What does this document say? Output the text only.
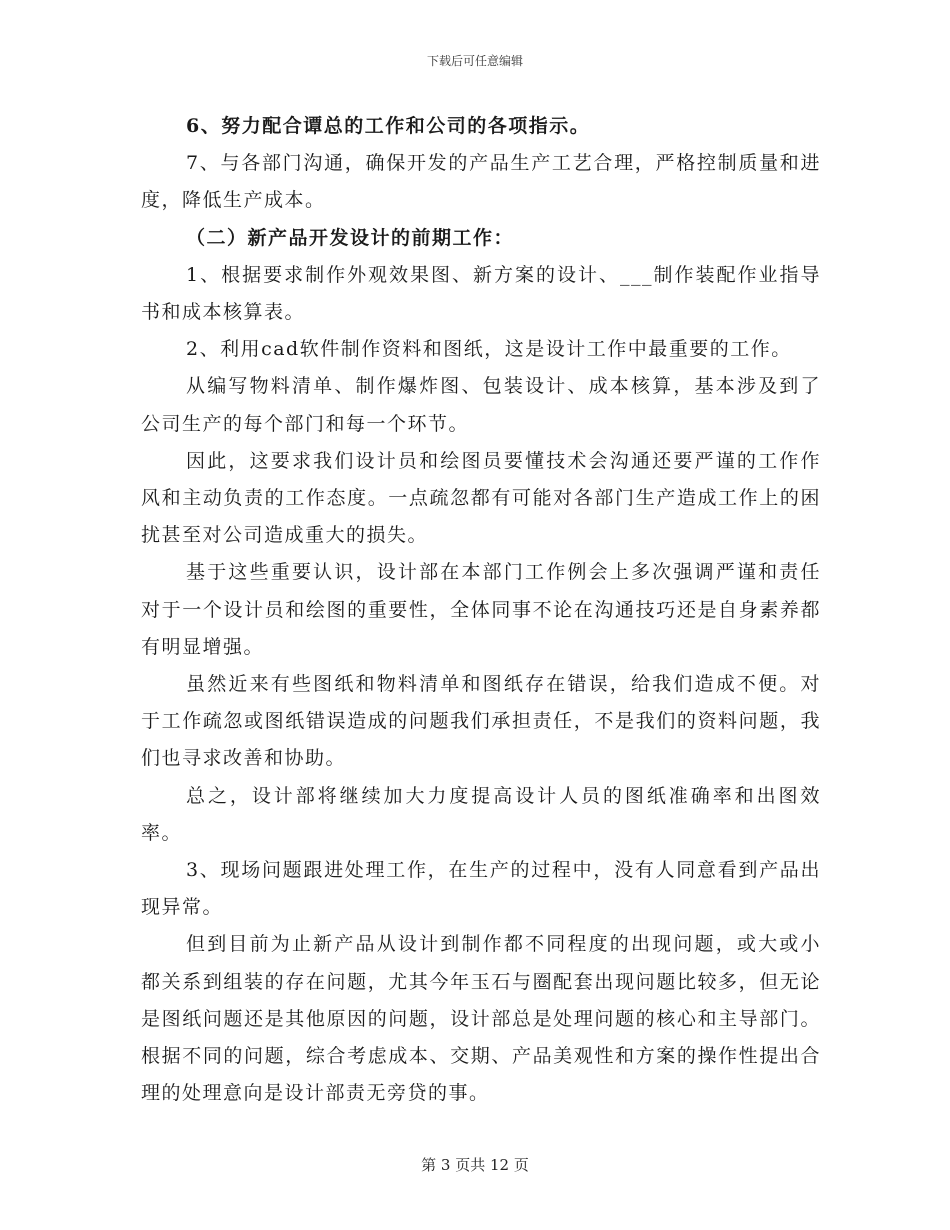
下载后可任意编辑

6、努力配合谭总的工作和公司的各项指示。

7、与各部门沟通，确保开发的产品生产工艺合理，严格控制质量和进度，降低生产成本。

（二）新产品开发设计的前期工作：

1、根据要求制作外观效果图、新方案的设计、___制作装配作业指导书和成本核算表。

2、利用cad软件制作资料和图纸，这是设计工作中最重要的工作。

从编写物料清单、制作爆炸图、包装设计、成本核算，基本涉及到了公司生产的每个部门和每一个环节。

因此，这要求我们设计员和绘图员要懂技术会沟通还要严谨的工作作风和主动负责的工作态度。一点疏忽都有可能对各部门生产造成工作上的困扰甚至对公司造成重大的损失。

基于这些重要认识，设计部在本部门工作例会上多次强调严谨和责任对于一个设计员和绘图的重要性，全体同事不论在沟通技巧还是自身素养都有明显增强。

虽然近来有些图纸和物料清单和图纸存在错误，给我们造成不便。对于工作疏忽或图纸错误造成的问题我们承担责任，不是我们的资料问题，我们也寻求改善和协助。

总之，设计部将继续加大力度提高设计人员的图纸准确率和出图效率。

3、现场问题跟进处理工作，在生产的过程中，没有人同意看到产品出现异常。

但到目前为止新产品从设计到制作都不同程度的出现问题，或大或小都关系到组装的存在问题，尤其今年玉石与圈配套出现问题比较多，但无论是图纸问题还是其他原因的问题，设计部总是处理问题的核心和主导部门。根据不同的问题，综合考虑成本、交期、产品美观性和方案的操作性提出合理的处理意向是设计部责无旁贷的事。

第 3 页共 12 页
